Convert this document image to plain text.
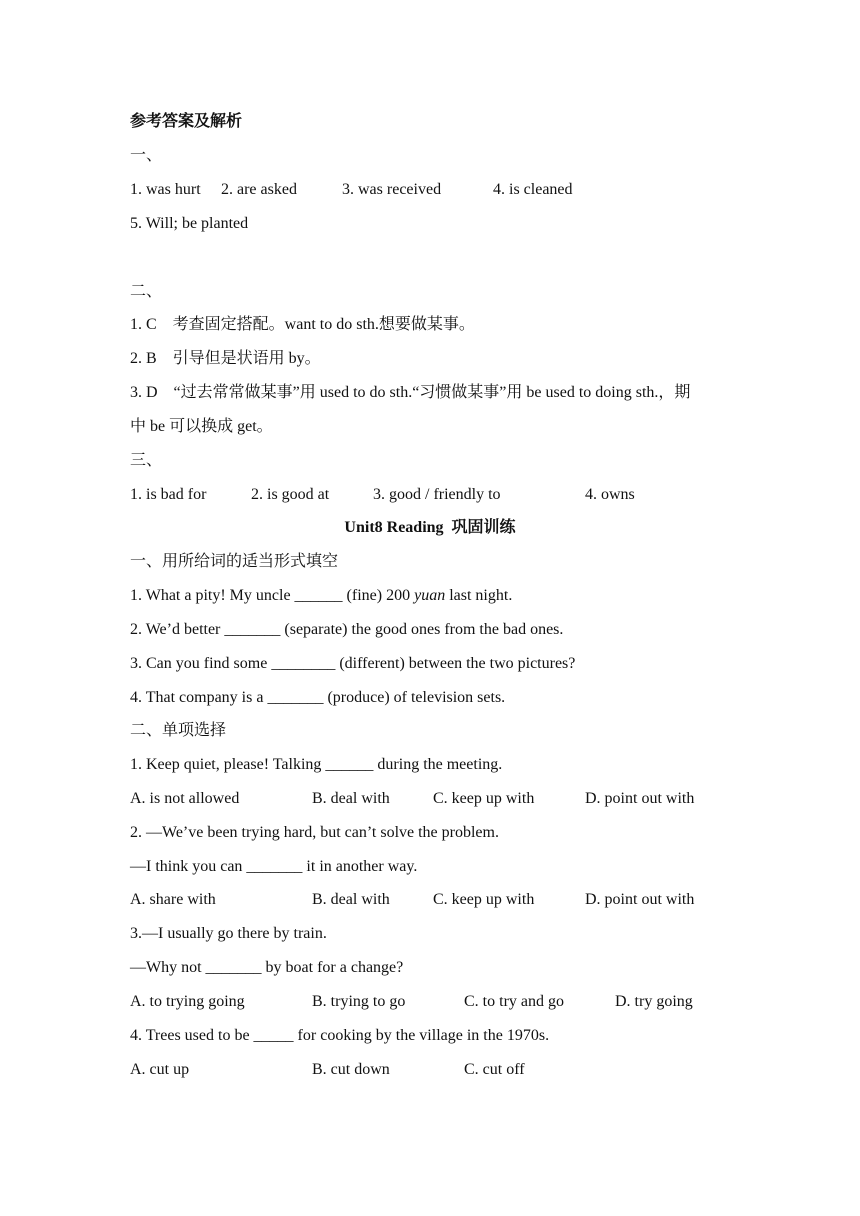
参考答案及解析
一、

1. was hurt

2. are asked

	3. was received

	4. is cleaned

5. Will; be planted
二、
1. C　考查固定搭配。want to do sth.想要做某事。
2. B　引导但是状语用 by。
3. D　“过去常常做某事”用 used to do sth.“习惯做某事”用 be used to doing sth.，期
中 be 可以换成 get。
三、

1. is bad for

	2. is good at

	3. good / friendly to

	4. owns

Unit8 Reading  巩固训练
一、用所给词的适当形式填空
1. What a pity! My uncle ______ (fine) 200 yuan last night.
2. We’d better _______ (separate) the good ones from the bad ones.
3. Can you find some ________ (different) between the two pictures?
4. That company is a _______ (produce) of television sets.
二、单项选择
1. Keep quiet, please! Talking ______ during the meeting.

A. is not allowed

	B. deal with

	C. keep up with

	D. point out with

2. —We’ve been trying hard, but can’t solve the problem.
—I think you can _______ it in another way.

A. share with

	B. deal with

	C. keep up with

	D. point out with

3.—I usually go there by train.
—Why not _______ by boat for a change?

A. to trying going

	B. trying to go

	C. to try and go

	D. try going

4. Trees used to be _____ for cooking by the village in the 1970s.

A. cut up

	B. cut down

	C. cut off
